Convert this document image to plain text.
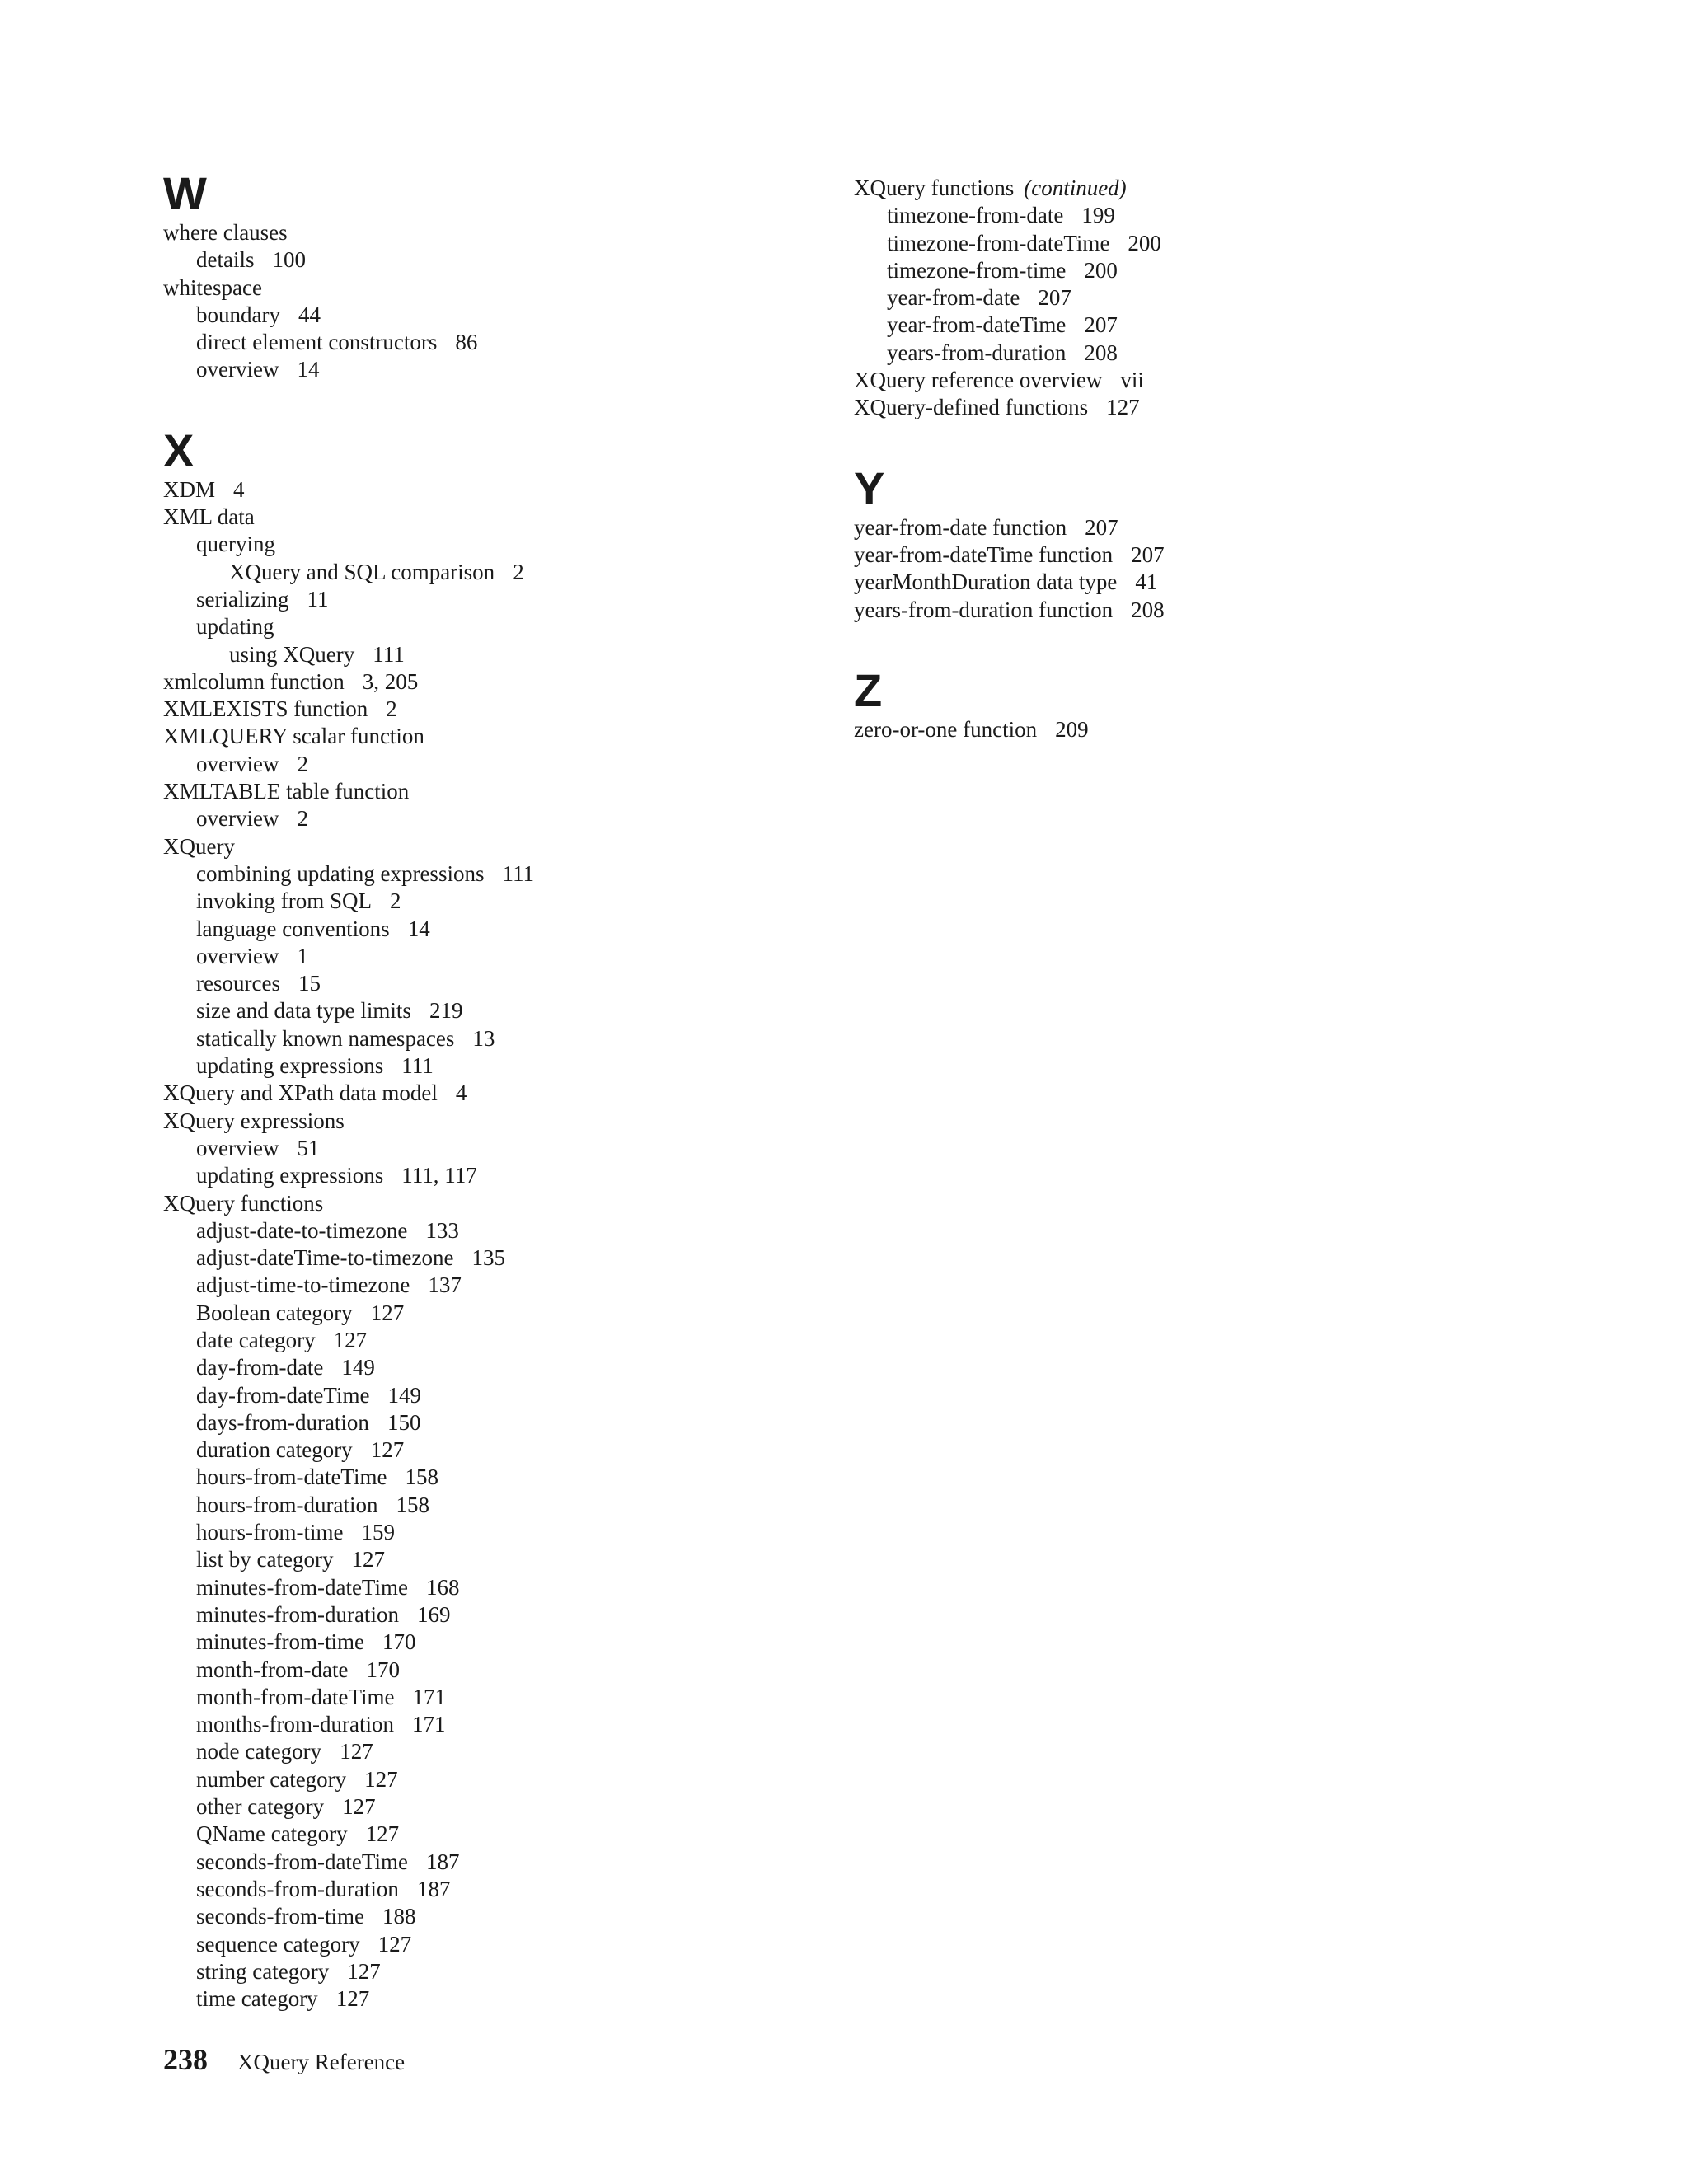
W
where clauses
details 100
whitespace
boundary 44
direct element constructors 86
overview 14
X
XDM 4
XML data
querying
XQuery and SQL comparison 2
serializing 11
updating
using XQuery 111
xmlcolumn function 3, 205
XMLEXISTS function 2
XMLQUERY scalar function
overview 2
XMLTABLE table function
overview 2
XQuery
combining updating expressions 111
invoking from SQL 2
language conventions 14
overview 1
resources 15
size and data type limits 219
statically known namespaces 13
updating expressions 111
XQuery and XPath data model 4
XQuery expressions
overview 51
updating expressions 111, 117
XQuery functions
adjust-date-to-timezone 133
adjust-dateTime-to-timezone 135
adjust-time-to-timezone 137
Boolean category 127
date category 127
day-from-date 149
day-from-dateTime 149
days-from-duration 150
duration category 127
hours-from-dateTime 158
hours-from-duration 158
hours-from-time 159
list by category 127
minutes-from-dateTime 168
minutes-from-duration 169
minutes-from-time 170
month-from-date 170
month-from-dateTime 171
months-from-duration 171
node category 127
number category 127
other category 127
QName category 127
seconds-from-dateTime 187
seconds-from-duration 187
seconds-from-time 188
sequence category 127
string category 127
time category 127
XQuery functions (continued)
timezone-from-date 199
timezone-from-dateTime 200
timezone-from-time 200
year-from-date 207
year-from-dateTime 207
years-from-duration 208
XQuery reference overview vii
XQuery-defined functions 127
Y
year-from-date function 207
year-from-dateTime function 207
yearMonthDuration data type 41
years-from-duration function 208
Z
zero-or-one function 209
238 XQuery Reference
